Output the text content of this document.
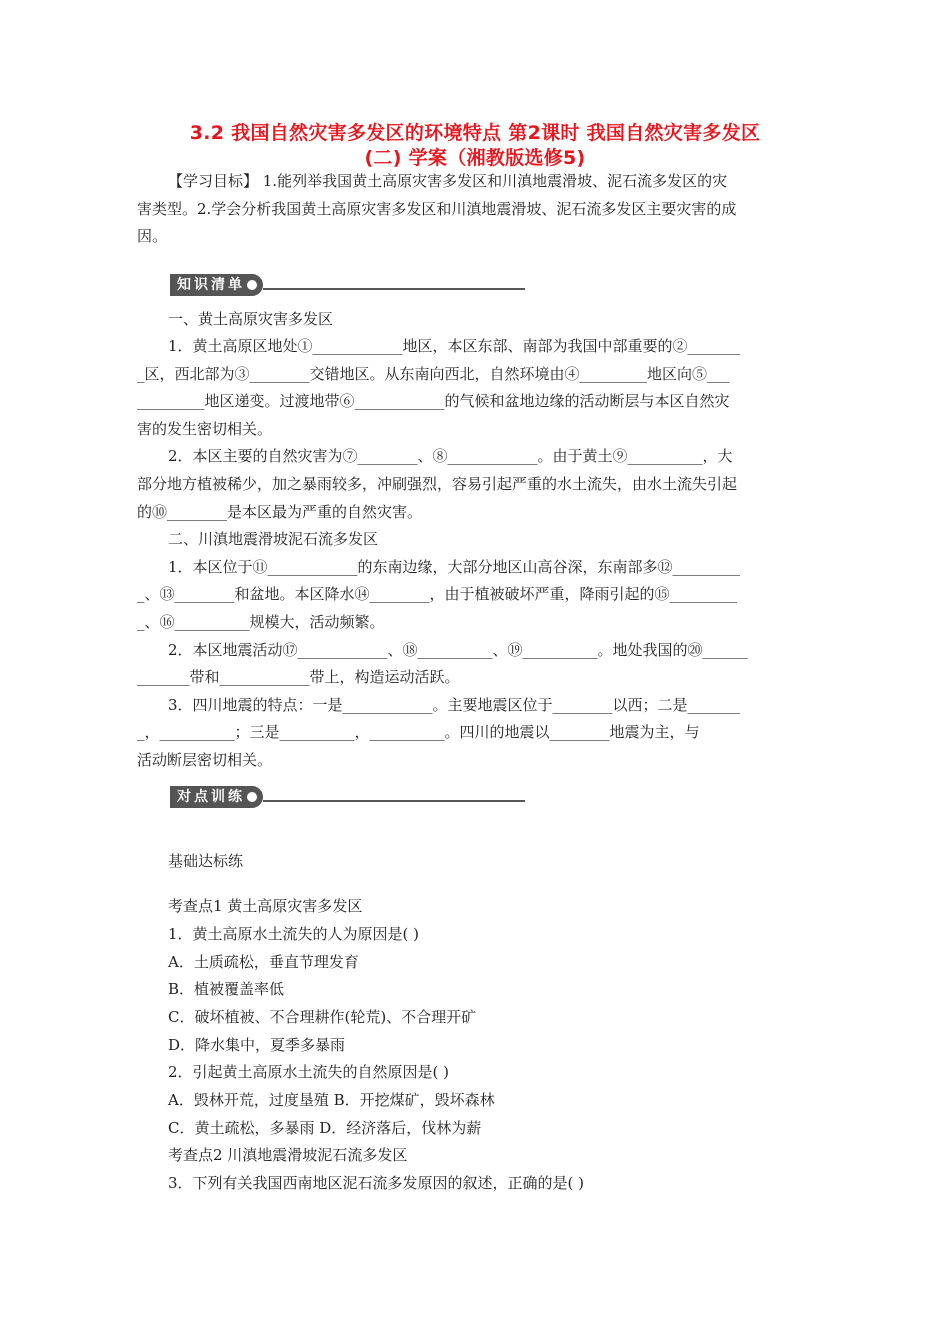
3.2 我国自然灾害多发区的环境特点 第2课时 我国自然灾害多发区
(二) 学案（湘教版选修5)
【学习目标】 1.能列举我国黄土高原灾害多发区和川滇地震滑坡、泥石流多发区的灾
害类型。2.学会分析我国黄土高原灾害多发区和川滇地震滑坡、泥石流多发区主要灾害的成
因。
知识清单
一、黄土高原灾害多发区
1．黄土高原区地处①____________地区，本区东部、南部为我国中部重要的②_______
_区，西北部为③________交错地区。从东南向西北，自然环境由④_________地区向⑤___
_________地区递变。过渡地带⑥____________的气候和盆地边缘的活动断层与本区自然灾
害的发生密切相关。
2．本区主要的自然灾害为⑦________、⑧____________。由于黄土⑨__________，大
部分地方植被稀少，加之暴雨较多，冲刷强烈，容易引起严重的水土流失，由水土流失引起
的⑩________是本区最为严重的自然灾害。
二、川滇地震滑坡泥石流多发区
1．本区位于⑪____________的东南边缘，大部分地区山高谷深，东南部多⑫_________
_、⑬________和盆地。本区降水⑭________，由于植被破坏严重，降雨引起的⑮_________
_、⑯__________规模大，活动频繁。
2．本区地震活动⑰____________、⑱__________、⑲__________。地处我国的⑳______
_______带和____________带上，构造运动活跃。
3．四川地震的特点：一是____________。主要地震区位于________以西；二是_______
_，__________；三是__________，__________。四川的地震以________地震为主，与
活动断层密切相关。
对点训练
基础达标练
考查点1 黄土高原灾害多发区
1．黄土高原水土流失的人为原因是( )
A．土质疏松，垂直节理发育
B．植被覆盖率低
C．破坏植被、不合理耕作(轮荒)、不合理开矿
D．降水集中，夏季多暴雨
2．引起黄土高原水土流失的自然原因是( )
A．毁林开荒，过度垦殖 B．开挖煤矿，毁坏森林
C．黄土疏松，多暴雨 D．经济落后，伐林为薪
考查点2 川滇地震滑坡泥石流多发区
3．下列有关我国西南地区泥石流多发原因的叙述，正确的是( )
